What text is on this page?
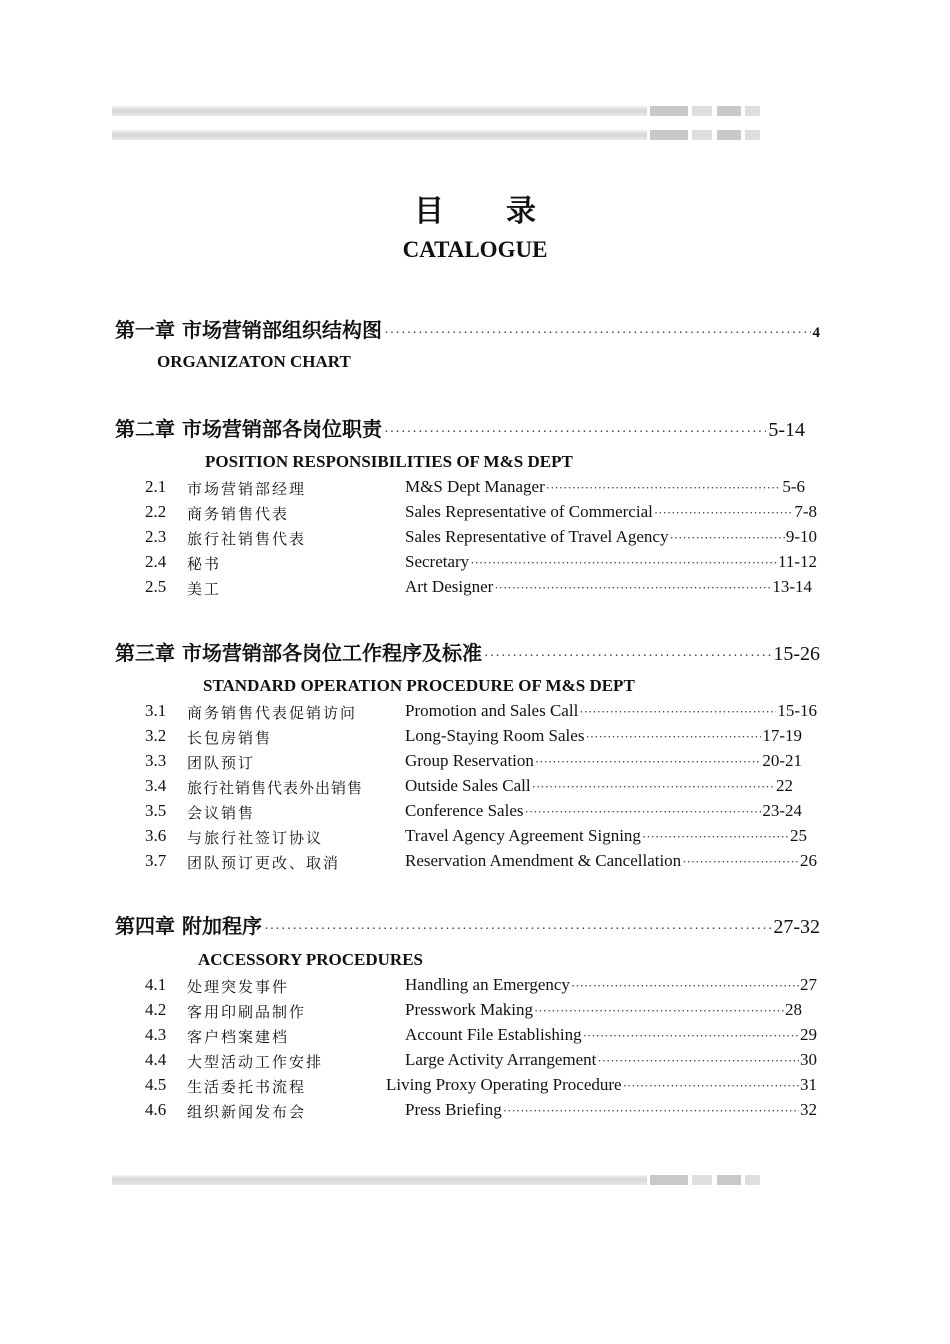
目录
CATALOGUE
第一章 市场营销部组织结构图 ·····	4
ORGANIZATON CHART
第二章 市场营销部各岗位职责 ·····	5-14
POSITION RESPONSIBILITIES OF M&S DEPT
2.1 市场营销部经理	M&S Dept Manager ·····	5-6
2.2 商务销售代表	Sales Representative of Commercial ·····	7-8
2.3 旅行社销售代表	Sales Representative of Travel Agency ·····	9-10
2.4 秘书	Secretary ·····	11-12
2.5 美工	Art Designer ·····	13-14
第三章 市场营销部各岗位工作程序及标准 ·····	15-26
STANDARD OPERATION PROCEDURE OF M&S DEPT
3.1 商务销售代表促销访问	Promotion and Sales Call ·····	15-16
3.2 长包房销售	Long-Staying Room Sales ·····	17-19
3.3 团队预订	Group Reservation ·····	20-21
3.4 旅行社销售代表外出销售 Outside Sales Call ·····	22
3.5 会议销售	Conference Sales ·····	23-24
3.6 与旅行社签订协议	Travel Agency Agreement Signing ·····	25
3.7 团队预订更改、取消	Reservation Amendment & Cancellation ·····	26
第四章 附加程序 ·····	27-32
ACCESSORY PROCEDURES
4.1 处理突发事件	Handling an Emergency ·····	27
4.2 客用印刷品制作	Presswork Making ·····	28
4.3 客户档案建档	Account File Establishing ·····	29
4.4 大型活动工作安排	Large Activity Arrangement ·····	30
4.5 生活委托书流程	Living Proxy Operating Procedure ·····	31
4.6 组织新闻发布会	Press Briefing ·····	32
